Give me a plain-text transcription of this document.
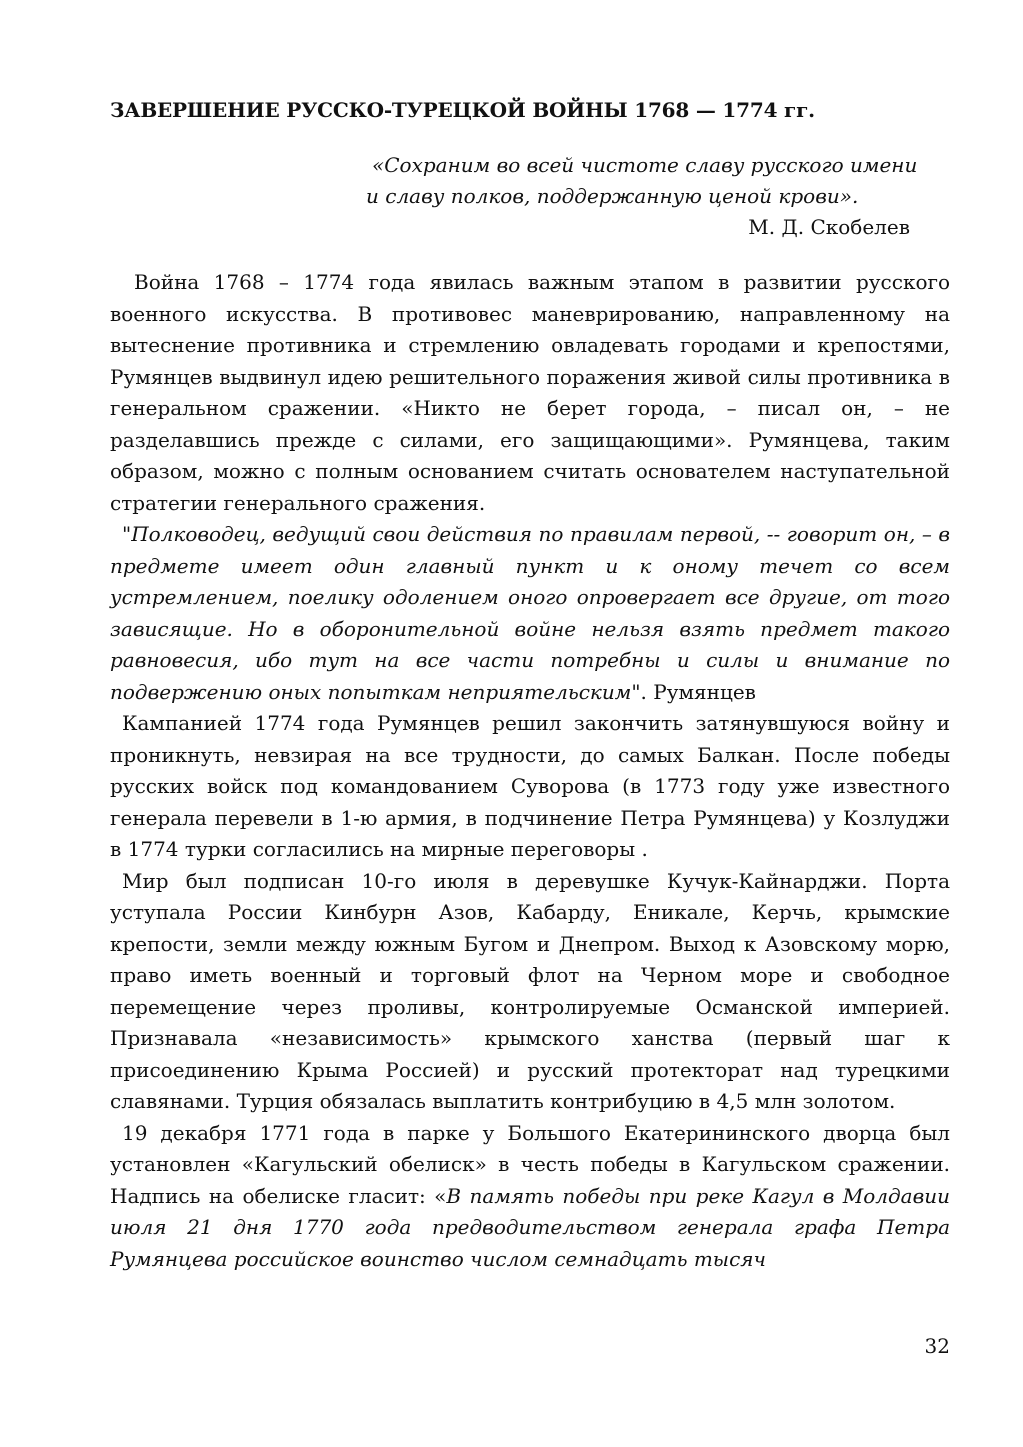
ЗАВЕРШЕНИЕ РУССКО-ТУРЕЦКОЙ ВОЙНЫ 1768 — 1774 гг.
«Сохраним во всей чистоте славу русского имени
и славу полков, поддержанную ценой крови».
М. Д. Скобелев

Война 1768 – 1774 года явилась важным этапом в развитии русского военного искусства. В противовес маневрированию, направленному на вытеснение противника и стремлению овладевать городами и крепостями, Румянцев выдвинул идею решительного поражения живой силы противника в генеральном сражении. «Никто не берет города, – писал он, – не разделавшись прежде с силами, его защищающими». Румянцева, таким образом, можно с полным основанием считать основателем наступательной стратегии генерального сражения.

"Полководец, ведущий свои действия по правилам первой, -- говорит он, – в предмете имеет один главный пункт и к оному течет со всем устремлением, поелику одолением оного опровергает все другие, от того зависящие. Но в оборонительной войне нельзя взять предмет такого равновесия, ибо тут на все части потребны и силы и внимание по подвержению оных попыткам неприятельским". Румянцев

Кампанией 1774 года Румянцев решил закончить затянувшуюся войну и проникнуть, невзирая на все трудности, до самых Балкан. После победы русских войск под командованием Суворова (в 1773 году уже известного генерала перевели в 1-ю армия, в подчинение Петра Румянцева) у Козлуджи в 1774 турки согласились на мирные переговоры .

Мир был подписан 10-го июля в деревушке Кучук-Кайнарджи. Порта уступала России Кинбурн Азов, Кабарду, Еникале, Керчь, крымские крепости, земли между южным Бугом и Днепром. Выход к Азовскому морю, право иметь военный и торговый флот на Черном море и свободное перемещение через проливы, контролируемые Османской империей. Признавала «независимость» крымского ханства (первый шаг к присоединению Крыма Россией) и русский протекторат над турецкими славянами. Турция обязалась выплатить контрибуцию в 4,5 млн золотом.

19 декабря 1771 года в парке у Большого Екатерининского дворца был установлен «Кагульский обелиск» в честь победы в Кагульском сражении. Надпись на обелиске гласит: «В память победы при реке Кагул в Молдавии июля 21 дня 1770 года предводительством генерала графа Петра Румянцева российское воинство числом семнадцать тысяч

32
